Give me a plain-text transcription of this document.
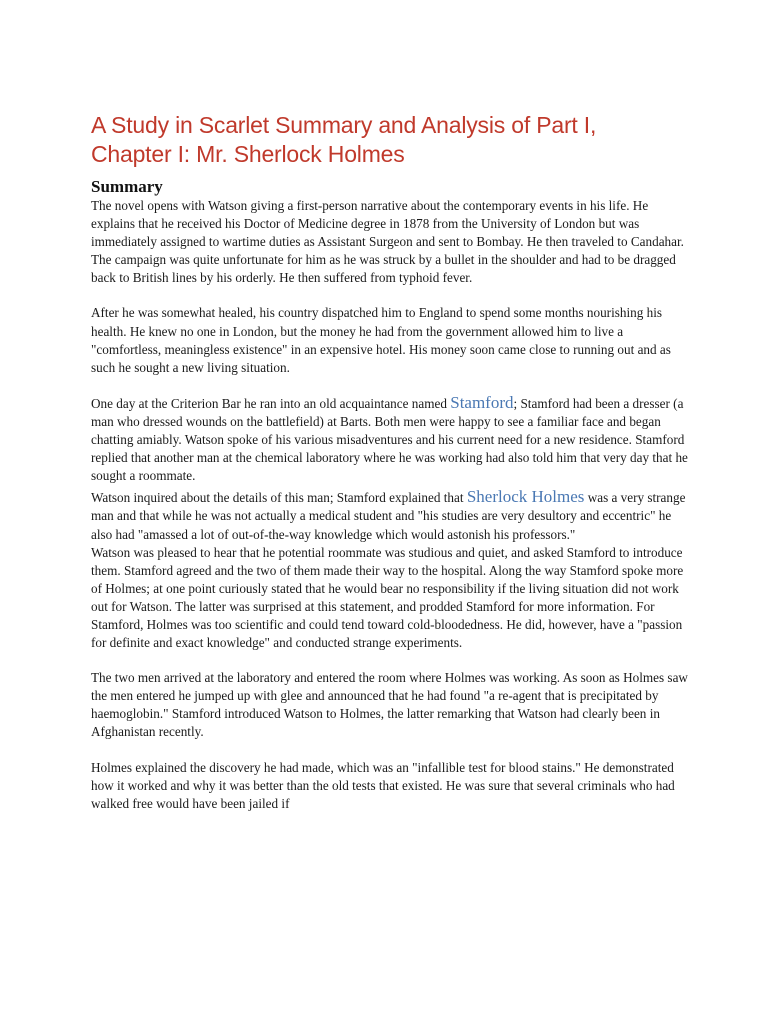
A Study in Scarlet Summary and Analysis of Part I,
Chapter I: Mr. Sherlock Holmes
Summary

The novel opens with Watson giving a first-person narrative about the contemporary events in his life. He explains that he received his Doctor of Medicine degree in 1878 from the University of London but was immediately assigned to wartime duties as Assistant Surgeon and sent to Bombay. He then traveled to Candahar. The campaign was quite unfortunate for him as he was struck by a bullet in the shoulder and had to be dragged back to British lines by his orderly. He then suffered from typhoid fever.

After he was somewhat healed, his country dispatched him to England to spend some months nourishing his health. He knew no one in London, but the money he had from the government allowed him to live a "comfortless, meaningless existence" in an expensive hotel. His money soon came close to running out and as such he sought a new living situation.

One day at the Criterion Bar he ran into an old acquaintance named Stamford; Stamford had been a dresser (a man who dressed wounds on the battlefield) at Barts. Both men were happy to see a familiar face and began chatting amiably. Watson spoke of his various misadventures and his current need for a new residence. Stamford replied that another man at the chemical laboratory where he was working had also told him that very day that he sought a roommate.

Watson inquired about the details of this man; Stamford explained that Sherlock Holmes was a very strange man and that while he was not actually a medical student and "his studies are very desultory and eccentric" he also had "amassed a lot of out-of-the-way knowledge which would astonish his professors."

Watson was pleased to hear that he potential roommate was studious and quiet, and asked Stamford to introduce them. Stamford agreed and the two of them made their way to the hospital. Along the way Stamford spoke more of Holmes; at one point curiously stated that he would bear no responsibility if the living situation did not work out for Watson. The latter was surprised at this statement, and prodded Stamford for more information. For Stamford, Holmes was too scientific and could tend toward cold-bloodedness. He did, however, have a "passion for definite and exact knowledge" and conducted strange experiments.

The two men arrived at the laboratory and entered the room where Holmes was working. As soon as Holmes saw the men entered he jumped up with glee and announced that he had found "a re-agent that is precipitated by haemoglobin." Stamford introduced Watson to Holmes, the latter remarking that Watson had clearly been in Afghanistan recently.

Holmes explained the discovery he had made, which was an "infallible test for blood stains." He demonstrated how it worked and why it was better than the old tests that existed. He was sure that several criminals who had walked free would have been jailed if
